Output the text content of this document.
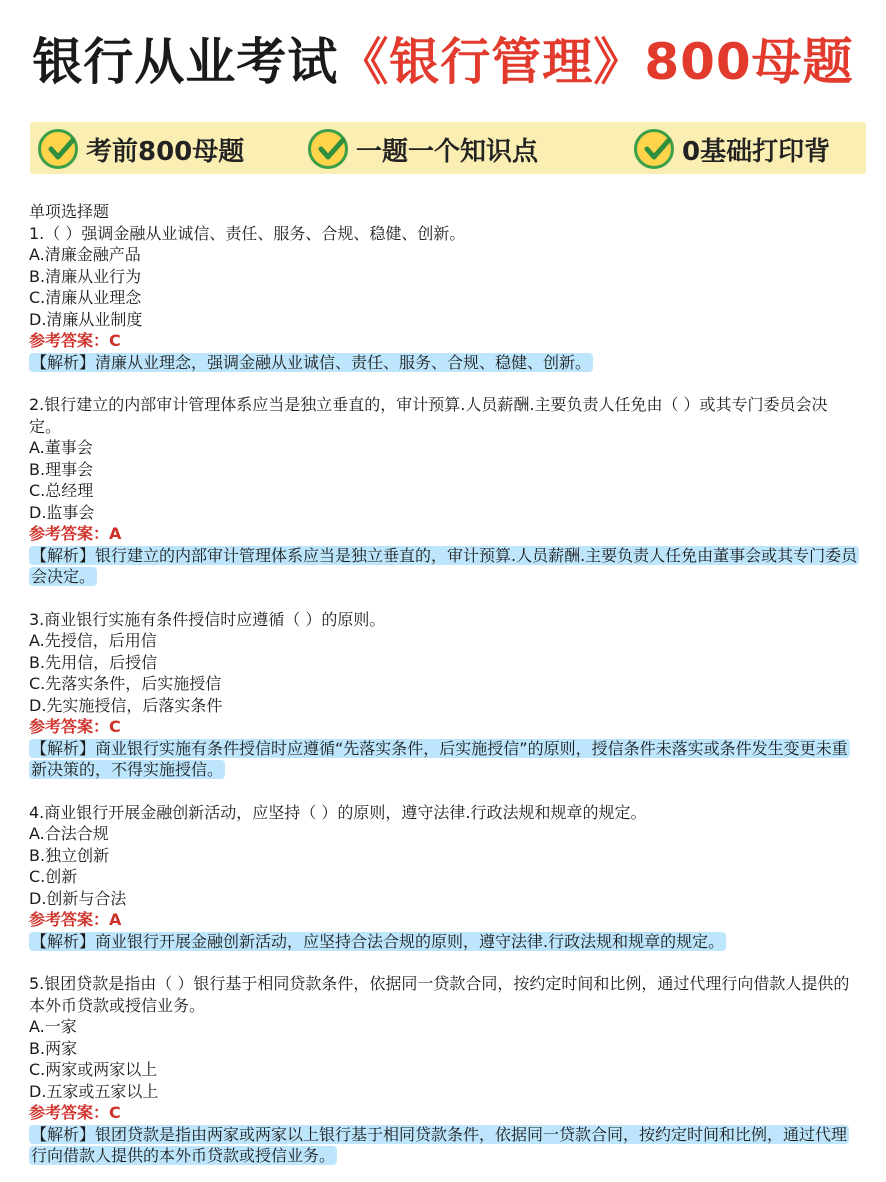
银行从业考试《银行管理》800母题
考前800母题	一题一个知识点	0基础打印背
单项选择题
1.（ ）强调金融从业诚信、责任、服务、合规、稳健、创新。
A.清廉金融产品
B.清廉从业行为
C.清廉从业理念
D.清廉从业制度
参考答案：C
【解析】清廉从业理念，强调金融从业诚信、责任、服务、合规、稳健、创新。
2.银行建立的内部审计管理体系应当是独立垂直的，审计预算.人员薪酬.主要负责人任免由（ ）或其专门委员会决定。
A.董事会
B.理事会
C.总经理
D.监事会
参考答案：A
【解析】银行建立的内部审计管理体系应当是独立垂直的，审计预算.人员薪酬.主要负责人任免由董事会或其专门委员会决定。
3.商业银行实施有条件授信时应遵循（ ）的原则。
A.先授信，后用信
B.先用信，后授信
C.先落实条件，后实施授信
D.先实施授信，后落实条件
参考答案：C
【解析】商业银行实施有条件授信时应遵循“先落实条件，后实施授信”的原则，授信条件未落实或条件发生变更未重新决策的，不得实施授信。
4.商业银行开展金融创新活动，应坚持（ ）的原则，遵守法律.行政法规和规章的规定。
A.合法合规
B.独立创新
C.创新
D.创新与合法
参考答案：A
【解析】商业银行开展金融创新活动，应坚持合法合规的原则，遵守法律.行政法规和规章的规定。
5.银团贷款是指由（ ）银行基于相同贷款条件，依据同一贷款合同，按约定时间和比例，通过代理行向借款人提供的本外币贷款或授信业务。
A.一家
B.两家
C.两家或两家以上
D.五家或五家以上
参考答案：C
【解析】银团贷款是指由两家或两家以上银行基于相同贷款条件，依据同一贷款合同，按约定时间和比例，通过代理行向借款人提供的本外币贷款或授信业务。
